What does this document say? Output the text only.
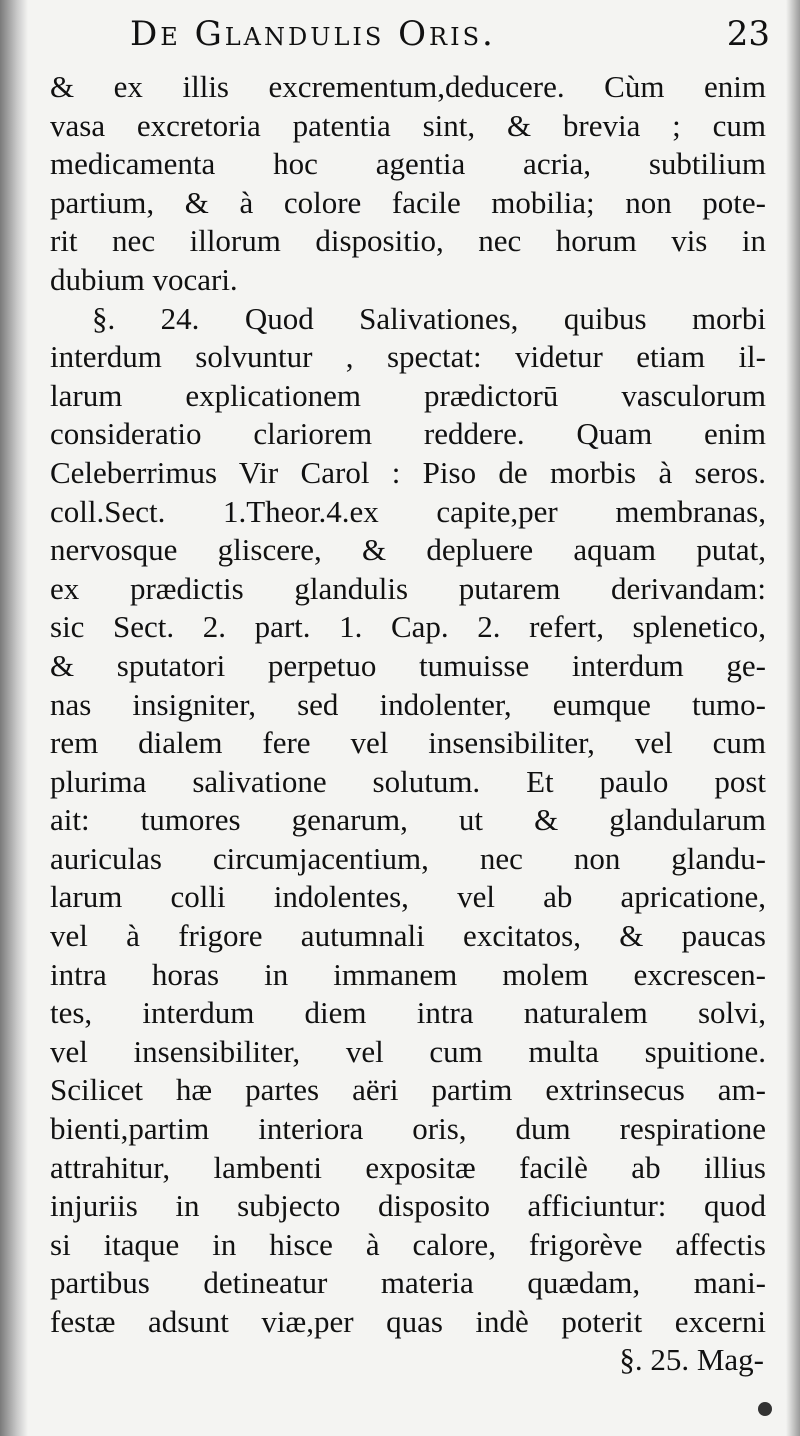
De Glandulis Oris.	23
& ex illis excrementum,deducere. Cùm enim
vasa excretoria patentia sint, & brevia ; cum
medicamenta hoc agentia acria, subtilium
partium, & à colore facile mobilia; non pote-
rit nec illorum dispositio, nec horum vis in
dubium vocari.
§. 24. Quod Salivationes, quibus morbi
interdum solvuntur , spectat: videtur etiam il-
larum explicationem prædictorū vasculorum
consideratio clariorem reddere. Quam enim
Celeberrimus Vir Carol : Piso de morbis à seros.
coll.Sect. 1.Theor.4.ex capite,per membranas,
nervosque gliscere, & depluere aquam putat,
ex prædictis glandulis putarem derivandam:
sic Sect. 2. part. 1. Cap. 2. refert, splenetico,
& sputatori perpetuo tumuisse interdum ge-
nas insigniter, sed indolenter, eumque tumo-
rem dialem fere vel insensibiliter, vel cum
plurima salivatione solutum. Et paulo post
ait: tumores genarum, ut & glandularum
auriculas circumjacentium, nec non glandu-
larum colli indolentes, vel ab apricatione,
vel à frigore autumnali excitatos, & paucas
intra horas in immanem molem excrescen-
tes, interdum diem intra naturalem solvi,
vel insensibiliter, vel cum multa spuitione.
Scilicet hæ partes aëri partim extrinsecus am-
bienti,partim interiora oris, dum respiratione
attrahitur, lambenti expositæ facilè ab illius
injuriis in subjecto disposito afficiuntur: quod
si itaque in hisce à calore, frigorève affectis
partibus detineatur materia quædam, mani-
festæ adsunt viæ,per quas indè poterit excerni
§. 25. Mag-
